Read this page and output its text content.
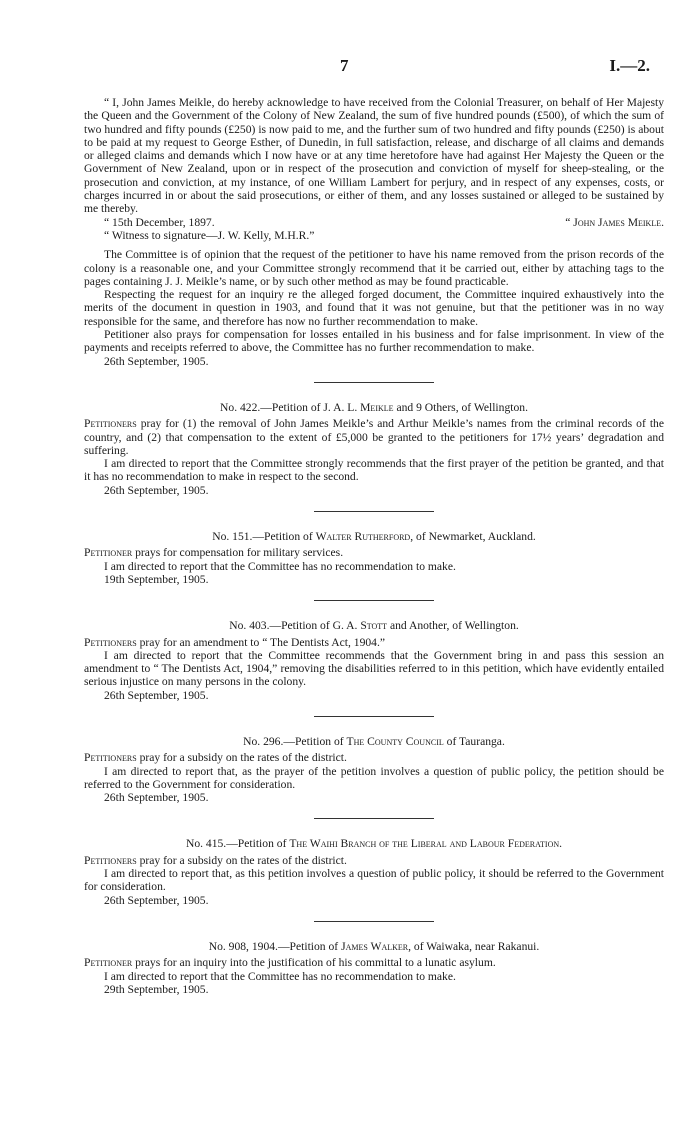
7	I.—2.

“ I, John James Meikle, do hereby acknowledge to have received from the Colonial Treasurer, on behalf of Her Majesty the Queen and the Government of the Colony of New Zealand, the sum of five hundred pounds (£500), of which the sum of two hundred and fifty pounds (£250) is now paid to me, and the further sum of two hundred and fifty pounds (£250) is about to be paid at my request to George Esther, of Dunedin, in full satisfaction, release, and discharge of all claims and demands or alleged claims and demands which I now have or at any time heretofore have had against Her Majesty the Queen or the Government of New Zealand, upon or in respect of the prosecution and conviction of myself for sheep-stealing, or the prosecution and conviction, at my instance, of one William Lambert for perjury, and in respect of any expenses, costs, or charges incurred in or about the said prosecutions, or either of them, and any losses sustained or alleged to be sustained by me thereby.

“ 15th December, 1897.	“ John James Meikle.
“ Witness to signature—J. W. Kelly, M.H.R.”

The Committee is of opinion that the request of the petitioner to have his name removed from the prison records of the colony is a reasonable one, and your Committee strongly recommend that it be carried out, either by attaching tags to the pages containing J. J. Meikle’s name, or by such other method as may be found practicable.

Respecting the request for an inquiry re the alleged forged document, the Committee inquired exhaustively into the merits of the document in question in 1903, and found that it was not genuine, but that the petitioner was in no way responsible for the same, and therefore has now no further recommendation to make.

Petitioner also prays for compensation for losses entailed in his business and for false imprisonment. In view of the payments and receipts referred to above, the Committee has no further recommendation to make.

26th September, 1905.
No. 422.—Petition of J. A. L. Meikle and 9 Others, of Wellington.

Petitioners pray for (1) the removal of John James Meikle’s and Arthur Meikle’s names from the criminal records of the country, and (2) that compensation to the extent of £5,000 be granted to the petitioners for 17½ years’ degradation and suffering.

I am directed to report that the Committee strongly recommends that the first prayer of the petition be granted, and that it has no recommendation to make in respect to the second.

26th September, 1905.
No. 151.—Petition of Walter Rutherford, of Newmarket, Auckland.

Petitioner prays for compensation for military services.

I am directed to report that the Committee has no recommendation to make.

19th September, 1905.
No. 403.—Petition of G. A. Stott and Another, of Wellington.

Petitioners pray for an amendment to “ The Dentists Act, 1904.”

I am directed to report that the Committee recommends that the Government bring in and pass this session an amendment to “ The Dentists Act, 1904,” removing the disabilities referred to in this petition, which have evidently entailed serious injustice on many persons in the colony.

26th September, 1905.
No. 296.—Petition of The County Council of Tauranga.

Petitioners pray for a subsidy on the rates of the district.

I am directed to report that, as the prayer of the petition involves a question of public policy, the petition should be referred to the Government for consideration.

26th September, 1905.
No. 415.—Petition of The Waihi Branch of the Liberal and Labour Federation.

Petitioners pray for a subsidy on the rates of the district.

I am directed to report that, as this petition involves a question of public policy, it should be referred to the Government for consideration.

26th September, 1905.
No. 908, 1904.—Petition of James Walker, of Waiwaka, near Rakanui.

Petitioner prays for an inquiry into the justification of his committal to a lunatic asylum.

I am directed to report that the Committee has no recommendation to make.

29th September, 1905.
